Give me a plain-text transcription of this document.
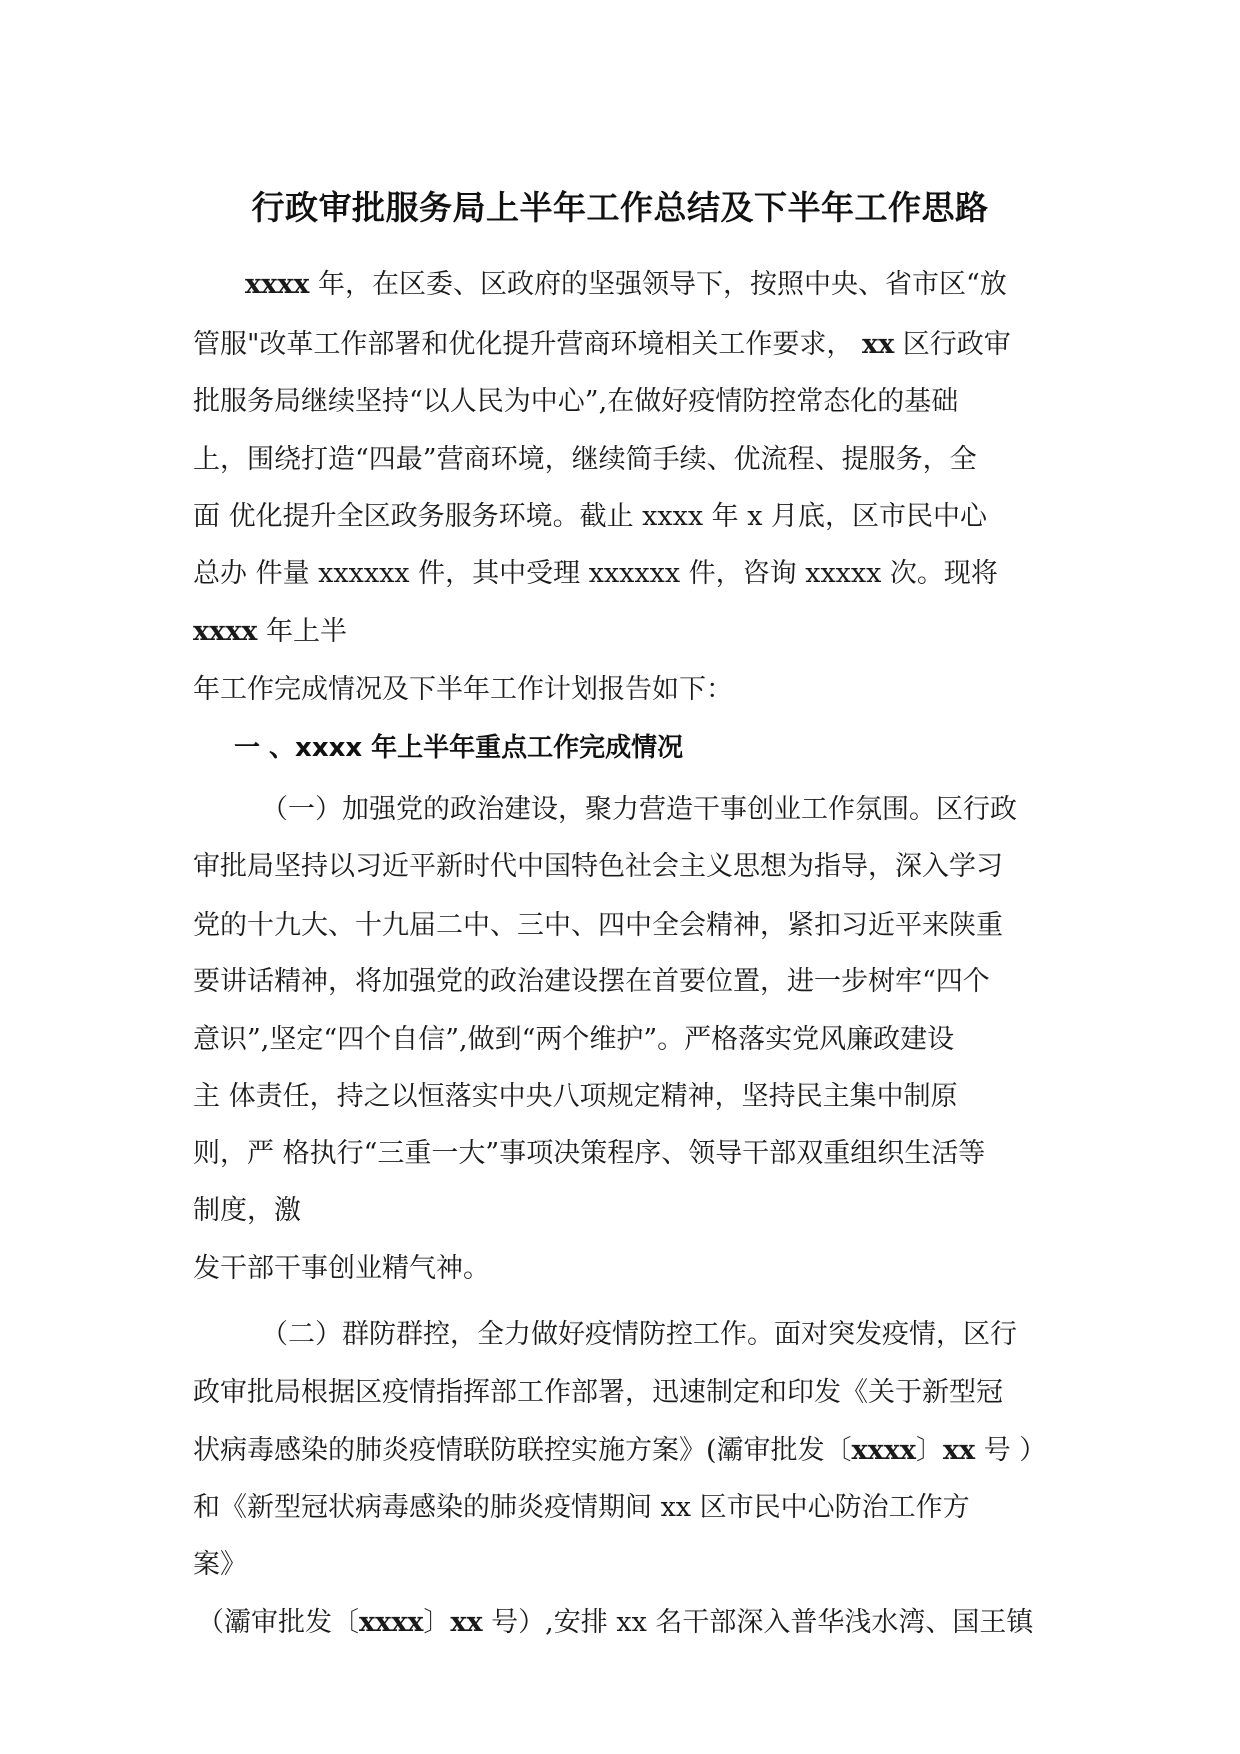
行政审批服务局上半年工作总结及下半年工作思路
xxxx 年，在区委、区政府的坚强领导下，按照中央、省市区“放
管服"改革工作部署和优化提升营商环境相关工作要求， xx 区行政审
批服务局继续坚持“以人民为中心”,在做好疫情防控常态化的基础
上，围绕打造“四最”营商环境，继续简手续、优流程、提服务，全
面 优化提升全区政务服务环境。截止 xxxx 年 x 月底，区市民中心
总办 件量 xxxxxx 件，其中受理 xxxxxx 件，咨询 xxxxx 次。现将
xxxx 年上半
年工作完成情况及下半年工作计划报告如下：
一 、xxxx 年上半年重点工作完成情况
（一）加强党的政治建设，聚力营造干事创业工作氛围。区行政
审批局坚持以习近平新时代中国特色社会主义思想为指导，深入学习
党的十九大、十九届二中、三中、四中全会精神，紧扣习近平来陕重
要讲话精神，将加强党的政治建设摆在首要位置，进一步树牢“四个
意识”,坚定“四个自信”,做到“两个维护”。严格落实党风廉政建设
主 体责任，持之以恒落实中央八项规定精神，坚持民主集中制原
则，严 格执行“三重一大”事项决策程序、领导干部双重组织生活等
制度，激
发干部干事创业精气神。
（二）群防群控，全力做好疫情防控工作。面对突发疫情，区行
政审批局根据区疫情指挥部工作部署，迅速制定和印发《关于新型冠
状病毒感染的肺炎疫情联防联控实施方案》(灞审批发〔xxxx〕xx 号 ）
和《新型冠状病毒感染的肺炎疫情期间 xx 区市民中心防治工作方
案》
（灞审批发〔xxxx〕xx 号）,安排 xx 名干部深入普华浅水湾、国王镇
